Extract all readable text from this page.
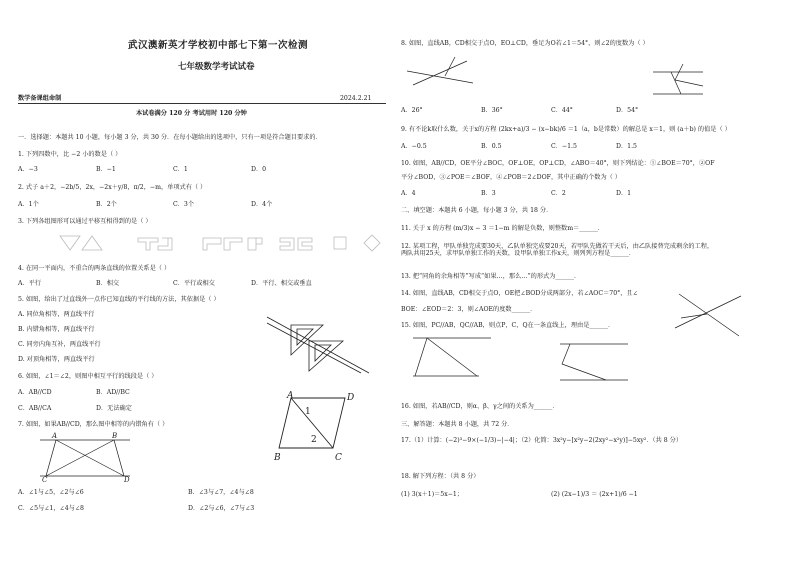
武汉澳新英才学校初中部七下第一次检测
七年级数学考试试卷
数学备课组命制	2024.2.21
本试卷满分 120 分 考试用时 120 分钟
一．选择题：本题共 10 小题，每小题 3 分，共 30 分．在每小题给出的选项中，只有一项是符合题目要求的．
1. 下列四数中，比 −2 小的数是（ ）
A．−3	B．−1	C．1	D．0
2. 式子 a＋2，−2b/5，2x，−2x＋y/8，π/2，−m，单项式有（ ）
A．1个	B．2个	C．3个	D．4个
3. 下列各组图形可以通过平移互相得到的是（ ）
4. 在同一平面内，不重合的两条直线的位置关系是（ ）
A．平行	B．相交	C．平行或相交	D．平行、相交或垂直
5. 如图，给出了过直线外一点作已知直线的平行线的方法，其依据是（ ）
A. 同位角相等，两直线平行
B. 内错角相等，两直线平行
C. 同旁内角互补，两直线平行
D. 对顶角相等，两直线平行
6. 如图，∠1＝∠2，则图中相互平行的线段是（ ）
A．AB//CD	B．AD//BC
C．AB//CA	D．无法确定
A	D
B	C
1
2
7. 如图，如果AB//CD，那么图中相等的内错角有（ ）
A	B
C	D
A．∠1与∠5，∠2与∠6	B．∠3与∠7，∠4与∠8
C．∠5与∠1，∠4与∠8	D．∠2与∠6，∠7与∠3
8. 如图，直线AB，CD相交于点O，EO⊥CD，垂足为O若∠1＝54°，则∠2的度数为（ ）
A．26°	B．36°	C．44°	D．54°
9. 有不论k取什么数，关于x的方程 (2kx+a)/3 − (x−bk)/6 ＝1（a，b是常数）的解总是 x＝1，则 (a＋b) 的值是（ ）
A．−0.5	B．0.5	C．−1.5	D．1.5
10. 如图，AB//CD，OE平分∠BOC，OF⊥OE，OP⊥CD，∠ABO＝40°，则下列结论：①∠BOE＝70°，②OF
平分∠BOD，③∠POE＝∠BOF，④∠POB＝2∠DOF，其中正确的个数为（ ）
A．4	B．3	C．2	D．1
二、填空题：本题共 6 小题，每小题 3 分，共 18 分．
11. 关于 x 的方程 (m/3)x − 3 ＝1−m 的解是负数，则整数m＝______．
12. 某项工程，甲队单独完成要30天，乙队单独完成要20天，若甲队先做若干天后，由乙队接替完成剩余的工程，两队共用25天，求甲队单独工作的天数，设甲队单独工作x天，则列列方程是______．
13. 把“同角的余角相等”写成“如果…，那么…”的形式为______．
14. 如图，直线AB，CD相交于点O，OE把∠BOD分成两部分，若∠AOC＝70°，且∠
BOE：∠EOD＝2：3，则∠AOE的度数______．
15. 如图，PC//AB，QC//AB，则点P，C，Q在一条直线上，理由是______．
16. 如图，若AB//CD，则α、β、γ之间的关系为______．
三、解答题：本题共 8 小题，共 72 分．
17.（1）计算：(−2)³−9×(−1/3)−|−4|；（2）化简：3x²y−[x²y−2(2xy²−x²y)]−5xy²．（共 8 分）
18. 解下列方程：（共 8 分）
(1) 3(x＋1)＝5x−1；	(2) (2x−1)/3 ＝ (2x+1)/6 −1
